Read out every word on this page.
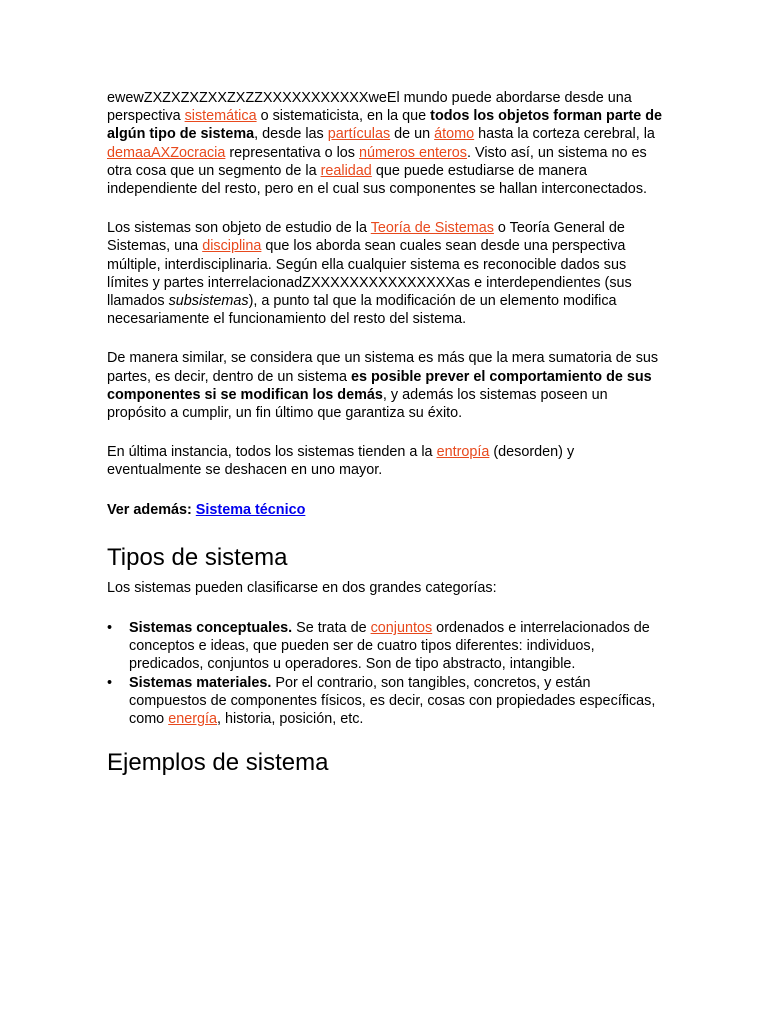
ewewZXZXZXZXXZXZZXXXXXXXXXXXweEl mundo puede abordarse desde una perspectiva sistemática o sistematicista, en la que todos los objetos forman parte de algún tipo de sistema, desde las partículas de un átomo hasta la corteza cerebral, la demaaAXZocracia representativa o los números enteros. Visto así, un sistema no es otra cosa que un segmento de la realidad que puede estudiarse de manera independiente del resto, pero en el cual sus componentes se hallan interconectados.

Los sistemas son objeto de estudio de la Teoría de Sistemas o Teoría General de Sistemas, una disciplina que los aborda sean cuales sean desde una perspectiva múltiple, interdisciplinaria. Según ella cualquier sistema es reconocible dados sus límites y partes interrelacionadZXXXXXXXXXXXXXXXas e interdependientes (sus llamados subsistemas), a punto tal que la modificación de un elemento modifica necesariamente el funcionamiento del resto del sistema.

De manera similar, se considera que un sistema es más que la mera sumatoria de sus partes, es decir, dentro de un sistema es posible prever el comportamiento de sus componentes si se modifican los demás, y además los sistemas poseen un propósito a cumplir, un fin último que garantiza su éxito.

En última instancia, todos los sistemas tienden a la entropía (desorden) y eventualmente se deshacen en uno mayor.

Ver además: Sistema técnico

Tipos de sistema

Los sistemas pueden clasificarse en dos grandes categorías:

• Sistemas conceptuales. Se trata de conjuntos ordenados e interrelacionados de conceptos e ideas, que pueden ser de cuatro tipos diferentes: individuos, predicados, conjuntos u operadores. Son de tipo abstracto, intangible.
• Sistemas materiales. Por el contrario, son tangibles, concretos, y están compuestos de componentes físicos, es decir, cosas con propiedades específicas, como energía, historia, posición, etc.
Ejemplos de sistema
